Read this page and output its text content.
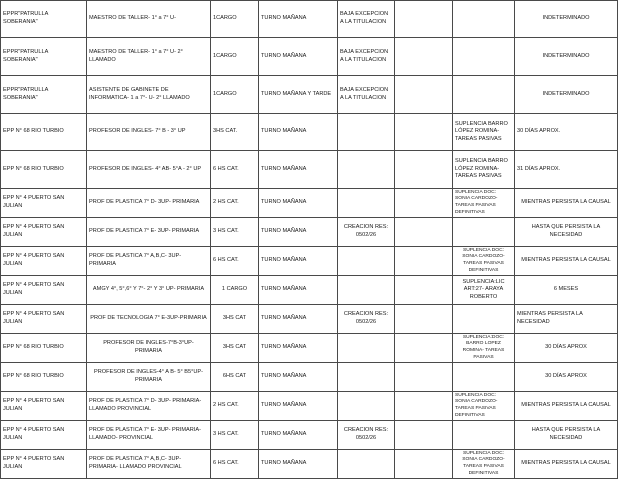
EPPR"PATRULLA SOBERANIA"	MAESTRO DE TALLER- 1° a 7° U-	1CARGO	TURNO MAÑANA	BAJA EXCEPCION A LA TITULACION			INDETERMINADO
EPPR"PATRULLA SOBERANIA"	MAESTRO DE TALLER- 1° a 7° U- 2° LLAMADO	1CARGO	TURNO MAÑANA	BAJA EXCEPCION A LA TITULACION			INDETERMINADO
EPPR"PATRULLA SOBERANIA"	ASISTENTE DE GABINETE DE INFORMATICA- 1 a 7°- U- 2° LLAMADO	1CARGO	TURNO MAÑANA Y TARDE	BAJA EXCEPCION A LA TITULACION			INDETERMINADO
EPP N° 68 RIO TURBIO	PROFESOR DE INGLES- 7° B - 3° UP	3HS CAT.	TURNO MAÑANA			SUPLENCIA BARRO LÓPEZ ROMINA- TAREAS PASIVAS	30 DÍAS APROX.
EPP N° 68 RIO TURBIO	PROFESOR DE INGLES- 4° AB- 5°A - 2° UP	6 HS CAT.	TURNO MAÑANA			SUPLENCIA BARRO LÓPEZ ROMINA- TAREAS PASIVAS	31 DÍAS APROX.
EPP N° 4 PUERTO SAN JULIAN	PROF DE PLASTICA 7° D- 3UP- PRIMARIA	2 HS CAT.	TURNO MAÑANA			SUPLENCIA DOC: SONIA CARDOZO- TAREAS PASIVAS DEFINITIVAS	MIENTRAS PERSISTA LA CAUSAL
EPP N° 4 PUERTO SAN JULIAN	PROF DE PLASTICA 7° E- 3UP- PRIMARIA	3 HS CAT.	TURNO MAÑANA	CREACION RES: 0502/26			HASTA QUE PERSISTA LA NECESIDAD
EPP N° 4 PUERTO SAN JULIAN	PROF DE PLASTICA 7° A,B,C- 3UP- PRIMARIA	6 HS CAT.	TURNO MAÑANA			SUPLENCIA DOC: SONIA CARDOZO- TAREAS PASIVAS DEFINITIVAS	MIENTRAS PERSISTA LA CAUSAL
EPP N° 4 PUERTO SAN JULIAN	AMGY 4°, 5°,6° Y 7°- 2° Y 3° UP- PRIMARIA	1 CARGO	TURNO MAÑANA			SUPLENCIA:LIC ART:27- ARAYA ROBERTO	6 MESES
EPP N° 4 PUERTO SAN JULIAN	PROF DE TECNOLOGIA 7° E-3UP-PRIMARIA	3HS CAT	TURNO MAÑANA	CREACION RES: 0502/26			MIENTRAS PERSISTA LA NECESIDAD
EPP N° 68 RIO TURBIO	PROFESOR DE INGLES-7°B-3°UP- PRIMARIA	3HS CAT	TURNO MAÑANA			SUPLENCIA:DOC: BARRO LOPEZ ROMINA- TAREAS PASIVAS	30 DÍAS APROX
EPP N° 68 RIO TURBIO	PROFESOR DE INGLES-4° A B- 5° B5°UP- PRIMARIA	6HS CAT	TURNO MAÑANA				30 DÍAS APROX
EPP N° 4 PUERTO SAN JULIAN	PROF DE PLASTICA 7° D- 3UP- PRIMARIA- LLAMADO PROVINCIAL	2 HS CAT.	TURNO MAÑANA			SUPLENCIA DOC: SONIA CARDOZO- TAREAS PASIVAS DEFINITIVAS	MIENTRAS PERSISTA LA CAUSAL
EPP N° 4 PUERTO SAN JULIAN	PROF DE PLASTICA 7° E- 3UP- PRIMARIA- LLAMADO- PROVINCIAL	3 HS CAT.	TURNO MAÑANA	CREACION RES: 0502/26			HASTA QUE PERSISTA LA NECESIDAD
EPP N° 4 PUERTO SAN JULIAN	PROF DE PLASTICA 7° A,B,C- 3UP- PRIMARIA- LLAMADO PROVINCIAL	6 HS CAT.	TURNO MAÑANA			SUPLENCIA DOC: SONIA CARDOZO- TAREAS PASIVAS DEFINITIVAS	MIENTRAS PERSISTA LA CAUSAL
